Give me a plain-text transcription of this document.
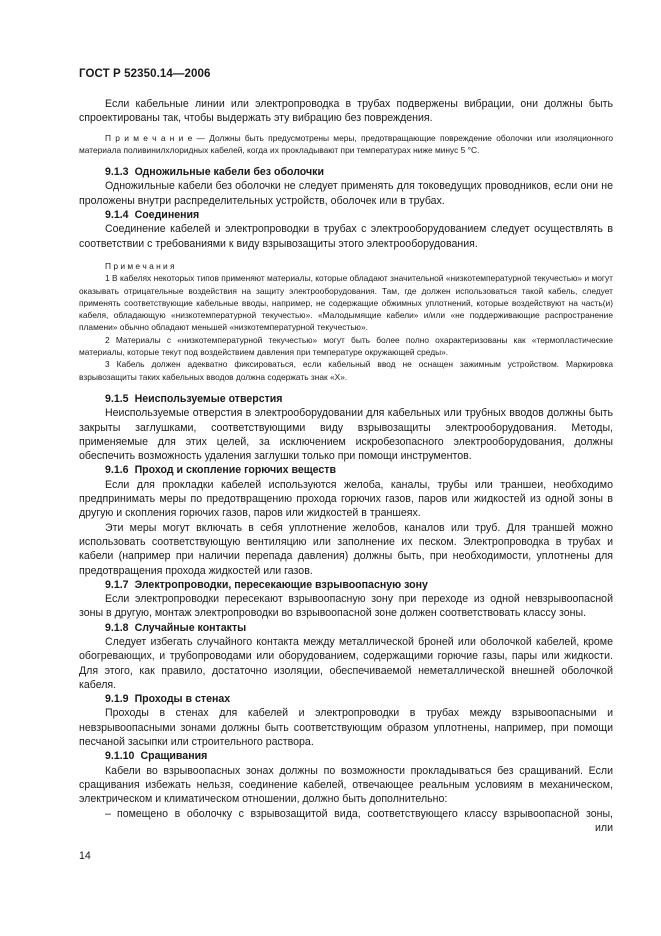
ГОСТ Р 52350.14—2006

Если кабельные линии или электропроводка в трубах подвержены вибрации, они должны быть спроектированы так, чтобы выдержать эту вибрацию без повреждения.

П р и м е ч а н и е — Должны быть предусмотрены меры, предотвращающие повреждение оболочки или изоляционного материала поливинилхлоридных кабелей, когда их прокладывают при температурах ниже минус 5 °С.

9.1.3 Одножильные кабели без оболочки

Одножильные кабели без оболочки не следует применять для токоведущих проводников, если они не проложены внутри распределительных устройств, оболочек или в трубах.

9.1.4 Соединения

Соединение кабелей и электропроводки в трубах с электрооборудованием следует осуществлять в соответствии с требованиями к виду взрывозащиты этого электрооборудования.

П р и м е ч а н и я

1 В кабелях некоторых типов применяют материалы, которые обладают значительной «низкотемпературной текучестью» и могут оказывать отрицательные воздействия на защиту электрооборудования. Там, где должен использоваться такой кабель, следует применять соответствующие кабельные вводы, например, не содержащие обжимных уплотнений, которые воздействуют на часть(и) кабеля, обладающую «низкотемпературной текучестью». «Малодымящие кабели» и/или «не поддерживающие распространение пламени» обычно обладают меньшей «низкотемпературной текучестью».

2 Материалы с «низкотемпературной текучестью» могут быть более полно охарактеризованы как «термопластические материалы, которые текут под воздействием давления при температуре окружающей среды».

3 Кабель должен адекватно фиксироваться, если кабельный ввод не оснащен зажимным устройством. Маркировка взрывозащиты таких кабельных вводов должна содержать знак «Х».

9.1.5 Неиспользуемые отверстия

Неиспользуемые отверстия в электрооборудовании для кабельных или трубных вводов должны быть закрыты заглушками, соответствующими виду взрывозащиты электрооборудования. Методы, применяемые для этих целей, за исключением искробезопасного электрооборудования, должны обеспечить возможность удаления заглушки только при помощи инструментов.

9.1.6 Проход и скопление горючих веществ

Если для прокладки кабелей используются желоба, каналы, трубы или траншеи, необходимо предпринимать меры по предотвращению прохода горючих газов, паров или жидкостей из одной зоны в другую и скопления горючих газов, паров или жидкостей в траншеях.

Эти меры могут включать в себя уплотнение желобов, каналов или труб. Для траншей можно использовать соответствующую вентиляцию или заполнение их песком. Электропроводка в трубах и кабели (например при наличии перепада давления) должны быть, при необходимости, уплотнены для предотвращения прохода жидкостей или газов.

9.1.7 Электропроводки, пересекающие взрывоопасную зону

Если электропроводки пересекают взрывоопасную зону при переходе из одной невзрывоопасной зоны в другую, монтаж электропроводки во взрывоопасной зоне должен соответствовать классу зоны.

9.1.8 Случайные контакты

Следует избегать случайного контакта между металлической броней или оболочкой кабелей, кроме обогревающих, и трубопроводами или оборудованием, содержащими горючие газы, пары или жидкости. Для этого, как правило, достаточно изоляции, обеспечиваемой неметаллической внешней оболочкой кабеля.

9.1.9 Проходы в стенах

Проходы в стенах для кабелей и электропроводки в трубах между взрывоопасными и невзрывоопасными зонами должны быть соответствующим образом уплотнены, например, при помощи песчаной засыпки или строительного раствора.

9.1.10 Сращивания

Кабели во взрывоопасных зонах должны по возможности прокладываться без сращиваний. Если сращивания избежать нельзя, соединение кабелей, отвечающее реальным условиям в механическом, электрическом и климатическом отношении, должно быть дополнительно:

– помещено в оболочку с взрывозащитой вида, соответствующего классу взрывоопасной зоны,

или

14
